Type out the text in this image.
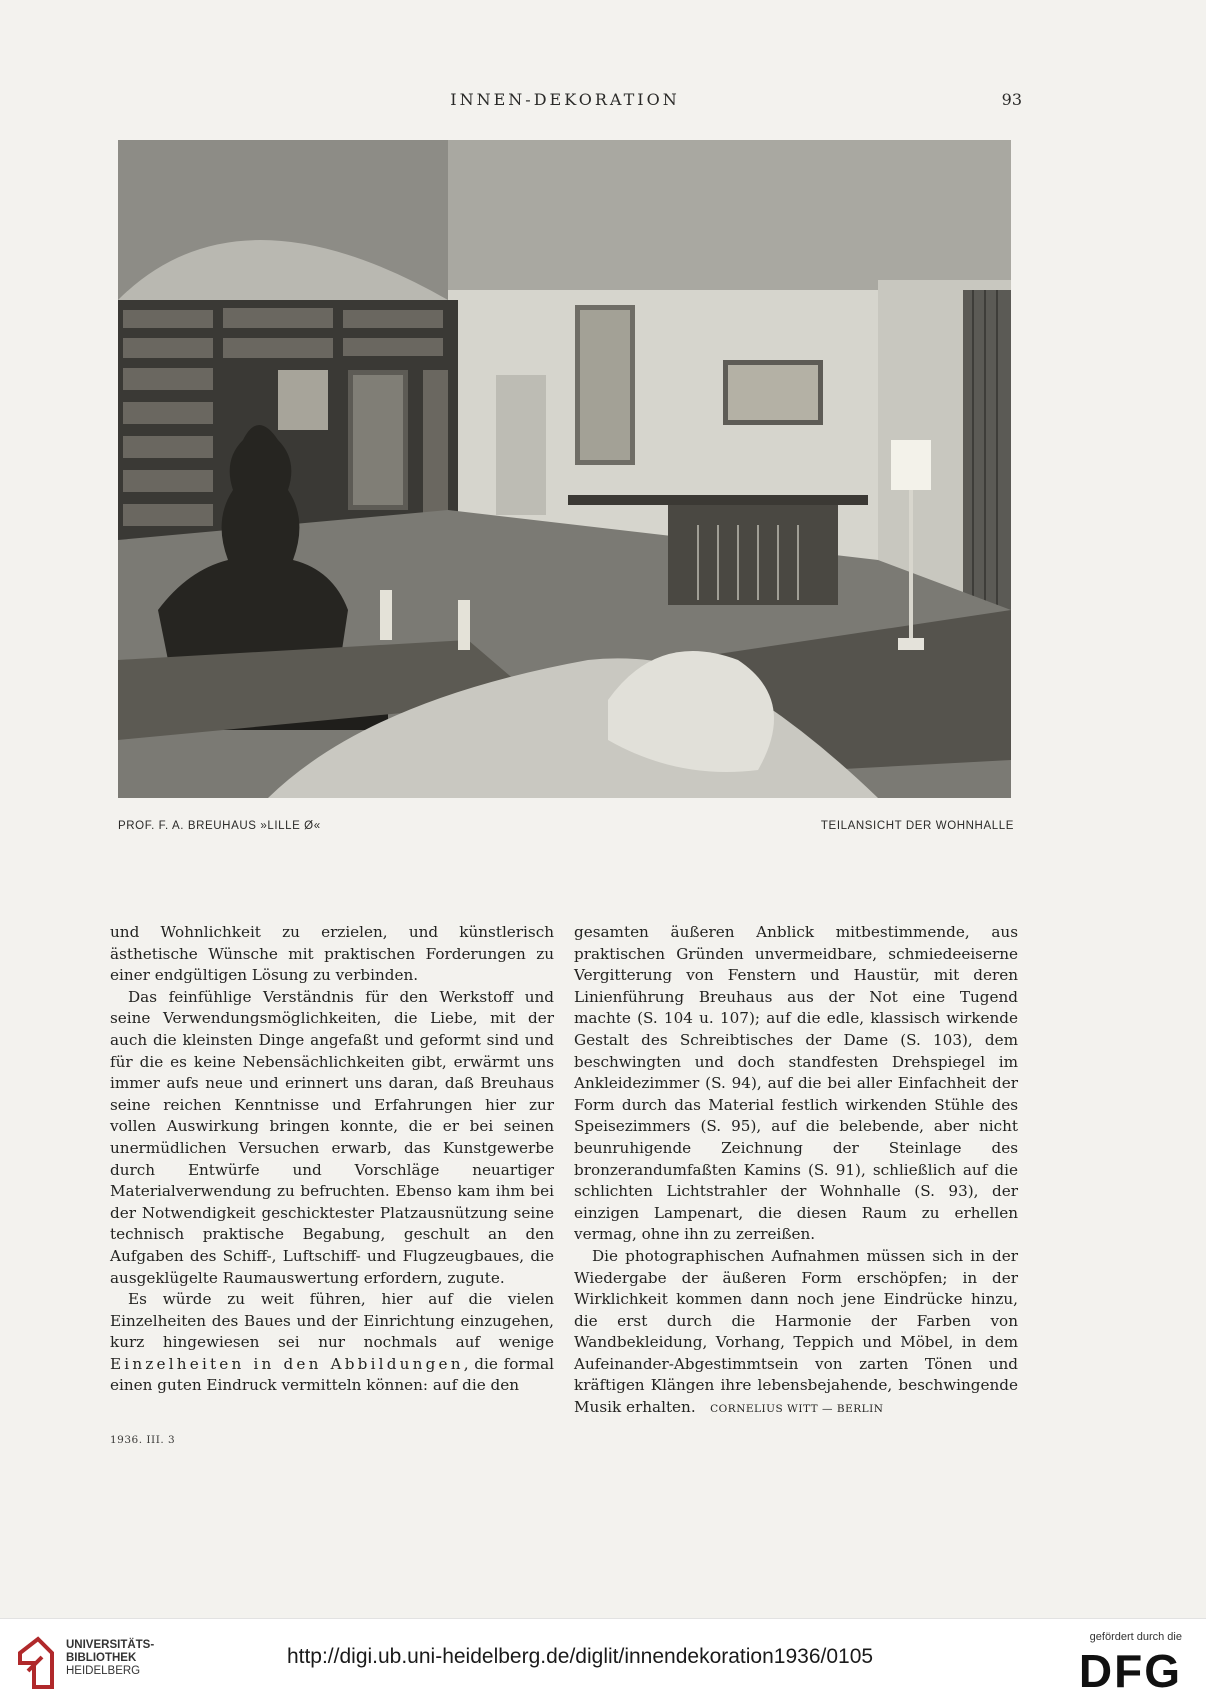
INNEN-DEKORATION	93
PROF. F. A. BREUHAUS »LILLE Ø«	TEILANSICHT DER WOHNHALLE

und Wohnlichkeit zu erzielen, und künstlerisch ästhetische Wünsche mit praktischen Forderungen zu einer endgültigen Lösung zu verbinden.

Das feinfühlige Verständnis für den Werkstoff und seine Verwendungsmöglichkeiten, die Liebe, mit der auch die kleinsten Dinge angefaßt und geformt sind und für die es keine Nebensächlichkeiten gibt, erwärmt uns immer aufs neue und erinnert uns daran, daß Breuhaus seine reichen Kenntnisse und Erfahrungen hier zur vollen Auswirkung bringen konnte, die er bei seinen unermüdlichen Versuchen erwarb, das Kunstgewerbe durch Entwürfe und Vorschläge neuartiger Materialverwendung zu befruchten. Ebenso kam ihm bei der Notwendigkeit geschicktester Platzausnützung seine technisch praktische Begabung, geschult an den Aufgaben des Schiff-, Luftschiff- und Flugzeugbaues, die ausgeklügelte Raumauswertung erfordern, zugute.

Es würde zu weit führen, hier auf die vielen Einzelheiten des Baues und der Einrichtung einzugehen, kurz hingewiesen sei nur nochmals auf wenige Einzelheiten in den Abbildungen, die formal einen guten Eindruck vermitteln können: auf die den

gesamten äußeren Anblick mitbestimmende, aus praktischen Gründen unvermeidbare, schmiedeeiserne Vergitterung von Fenstern und Haustür, mit deren Linienführung Breuhaus aus der Not eine Tugend machte (S. 104 u. 107); auf die edle, klassisch wirkende Gestalt des Schreibtisches der Dame (S. 103), dem beschwingten und doch standfesten Drehspiegel im Ankleidezimmer (S. 94), auf die bei aller Einfachheit der Form durch das Material festlich wirkenden Stühle des Speisezimmers (S. 95), auf die belebende, aber nicht beunruhigende Zeichnung der Steinlage des bronzerandumfaßten Kamins (S. 91), schließlich auf die schlichten Lichtstrahler der Wohnhalle (S. 93), der einzigen Lampenart, die diesen Raum zu erhellen vermag, ohne ihn zu zerreißen.

Die photographischen Aufnahmen müssen sich in der Wiedergabe der äußeren Form erschöpfen; in der Wirklichkeit kommen dann noch jene Eindrücke hinzu, die erst durch die Harmonie der Farben von Wandbekleidung, Vorhang, Teppich und Möbel, in dem Aufeinander-Abgestimmtsein von zarten Tönen und kräftigen Klängen ihre lebensbejahende, beschwingende Musik erhalten. CORNELIUS WITT — BERLIN

1936. III. 3
UNIVERSITÄTS-
BIBLIOTHEK
HEIDELBERG
http://digi.ub.uni-heidelberg.de/diglit/innendekoration1936/0105
gefördert durch die
DFG
